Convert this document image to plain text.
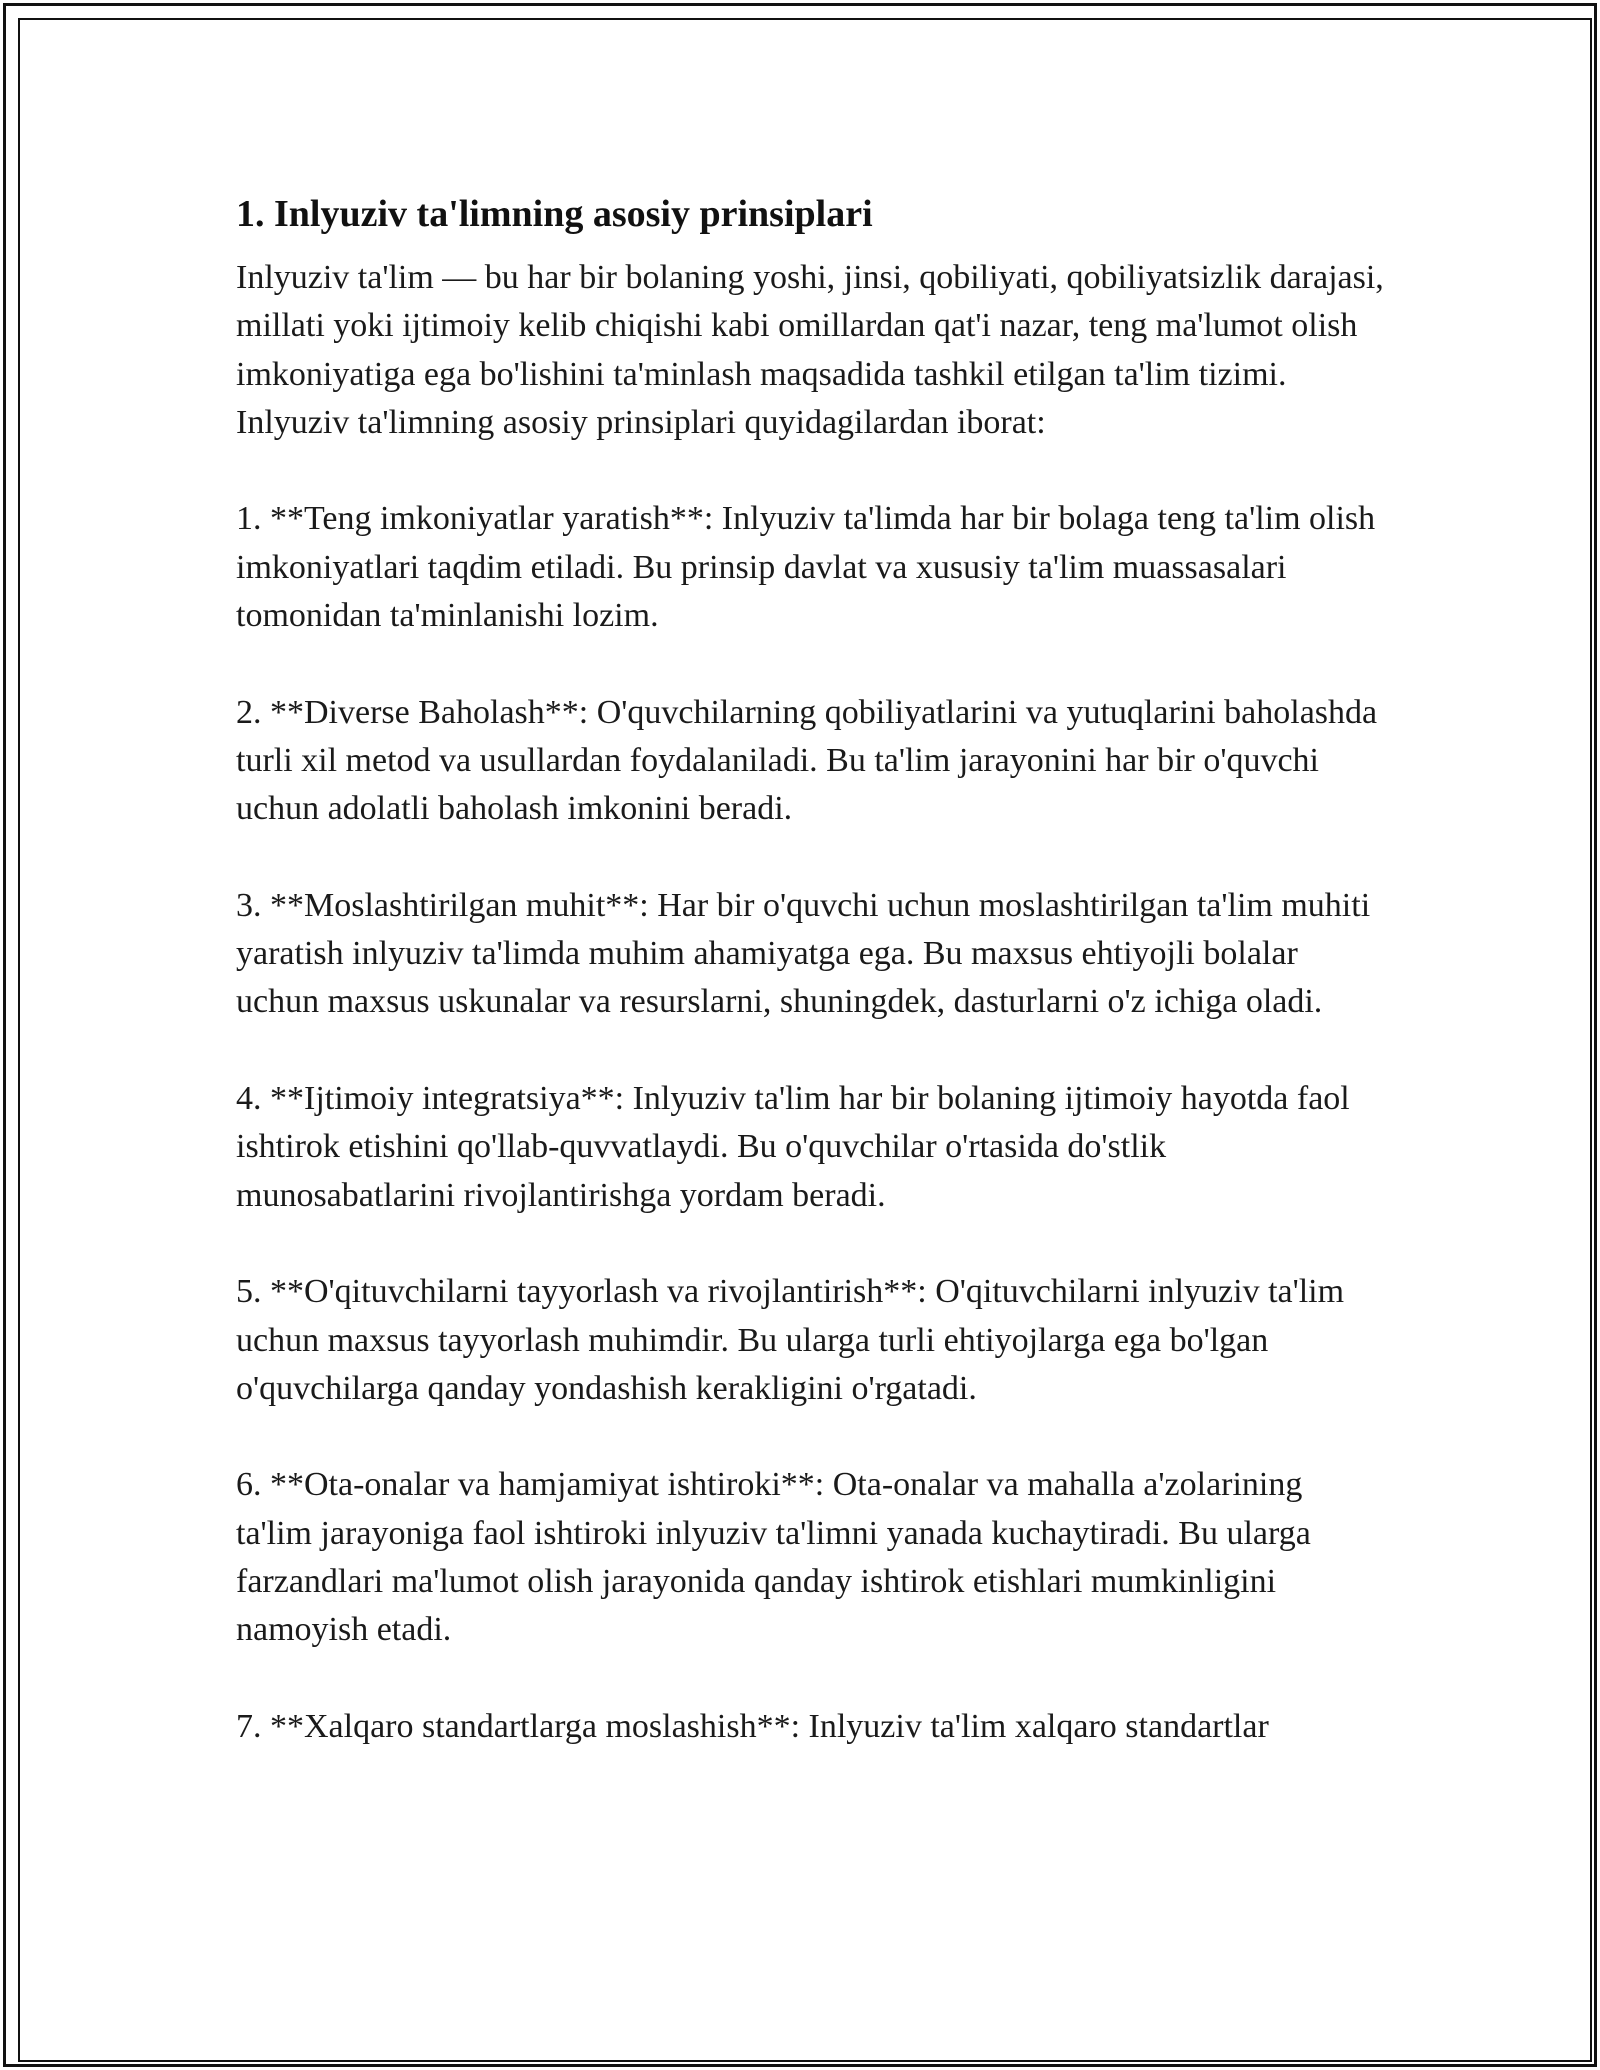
1. Inlyuziv ta'limning asosiy prinsiplari

Inlyuziv ta'lim — bu har bir bolaning yoshi, jinsi, qobiliyati, qobiliyatsizlik darajasi, millati yoki ijtimoiy kelib chiqishi kabi omillardan qat'i nazar, teng ma'lumot olish imkoniyatiga ega bo'lishini ta'minlash maqsadida tashkil etilgan ta'lim tizimi. Inlyuziv ta'limning asosiy prinsiplari quyidagilardan iborat:

1. **Teng imkoniyatlar yaratish**: Inlyuziv ta'limda har bir bolaga teng ta'lim olish imkoniyatlari taqdim etiladi. Bu prinsip davlat va xususiy ta'lim muassasalari tomonidan ta'minlanishi lozim.

2. **Diverse Baholash**: O'quvchilarning qobiliyatlarini va yutuqlarini baholashda turli xil metod va usullardan foydalaniladi. Bu ta'lim jarayonini har bir o'quvchi uchun adolatli baholash imkonini beradi.

3. **Moslashtirilgan muhit**: Har bir o'quvchi uchun moslashtirilgan ta'lim muhiti yaratish inlyuziv ta'limda muhim ahamiyatga ega. Bu maxsus ehtiyojli bolalar uchun maxsus uskunalar va resurslarni, shuningdek, dasturlarni o'z ichiga oladi.

4. **Ijtimoiy integratsiya**: Inlyuziv ta'lim har bir bolaning ijtimoiy hayotda faol ishtirok etishini qo'llab-quvvatlaydi. Bu o'quvchilar o'rtasida do'stlik munosabatlarini rivojlantirishga yordam beradi.

5. **O'qituvchilarni tayyorlash va rivojlantirish**: O'qituvchilarni inlyuziv ta'lim uchun maxsus tayyorlash muhimdir. Bu ularga turli ehtiyojlarga ega bo'lgan o'quvchilarga qanday yondashish kerakligini o'rgatadi.

6. **Ota-onalar va hamjamiyat ishtiroki**: Ota-onalar va mahalla a'zolarining ta'lim jarayoniga faol ishtiroki inlyuziv ta'limni yanada kuchaytiradi. Bu ularga farzandlari ma'lumot olish jarayonida qanday ishtirok etishlari mumkinligini namoyish etadi.

7. **Xalqaro standartlarga moslashish**: Inlyuziv ta'lim xalqaro standartlar
